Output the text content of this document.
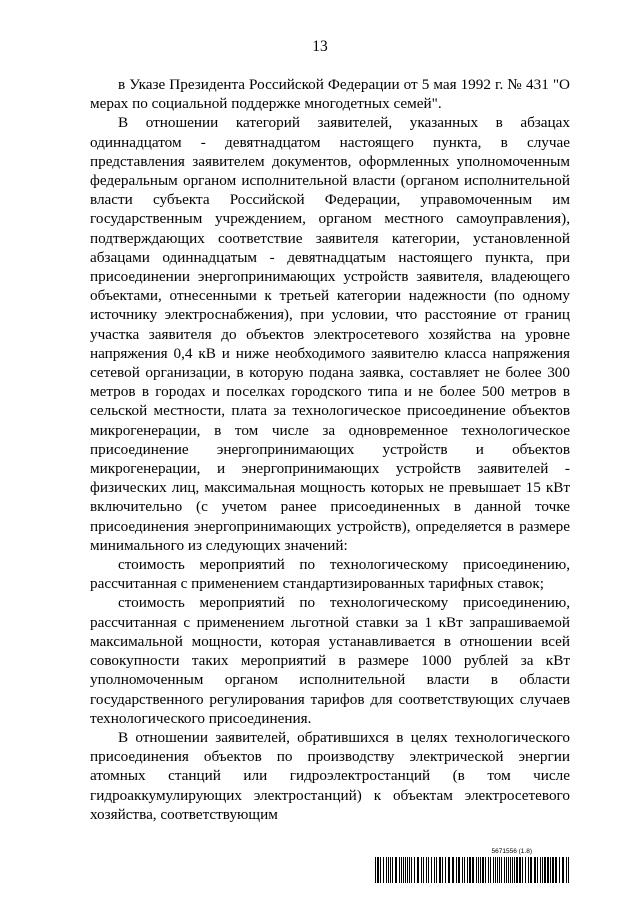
13

в Указе Президента Российской Федерации от 5 мая 1992 г. № 431 "О мерах по социальной поддержке многодетных семей".

В отношении категорий заявителей, указанных в абзацах одиннадцатом - девятнадцатом настоящего пункта, в случае представления заявителем документов, оформленных уполномоченным федеральным органом исполнительной власти (органом исполнительной власти субъекта Российской Федерации, управомоченным им государственным учреждением, органом местного самоуправления), подтверждающих соответствие заявителя категории, установленной абзацами одиннадцатым - девятнадцатым настоящего пункта, при присоединении энергопринимающих устройств заявителя, владеющего объектами, отнесенными к третьей категории надежности (по одному источнику электроснабжения), при условии, что расстояние от границ участка заявителя до объектов электросетевого хозяйства на уровне напряжения 0,4 кВ и ниже необходимого заявителю класса напряжения сетевой организации, в которую подана заявка, составляет не более 300 метров в городах и поселках городского типа и не более 500 метров в сельской местности, плата за технологическое присоединение объектов микрогенерации, в том числе за одновременное технологическое присоединение энергопринимающих устройств и объектов микрогенерации, и энергопринимающих устройств заявителей - физических лиц, максимальная мощность которых не превышает 15 кВт включительно (с учетом ранее присоединенных в данной точке присоединения энергопринимающих устройств), определяется в размере минимального из следующих значений:

стоимость мероприятий по технологическому присоединению, рассчитанная с применением стандартизированных тарифных ставок;

стоимость мероприятий по технологическому присоединению, рассчитанная с применением льготной ставки за 1 кВт запрашиваемой максимальной мощности, которая устанавливается в отношении всей совокупности таких мероприятий в размере 1000 рублей за кВт уполномоченным органом исполнительной власти в области государственного регулирования тарифов для соответствующих случаев технологического присоединения.

В отношении заявителей, обратившихся в целях технологического присоединения объектов по производству электрической энергии атомных станций или гидроэлектростанций (в том числе гидроаккумулирующих электростанций) к объектам электросетевого хозяйства, соответствующим

5671556 (1.8)
